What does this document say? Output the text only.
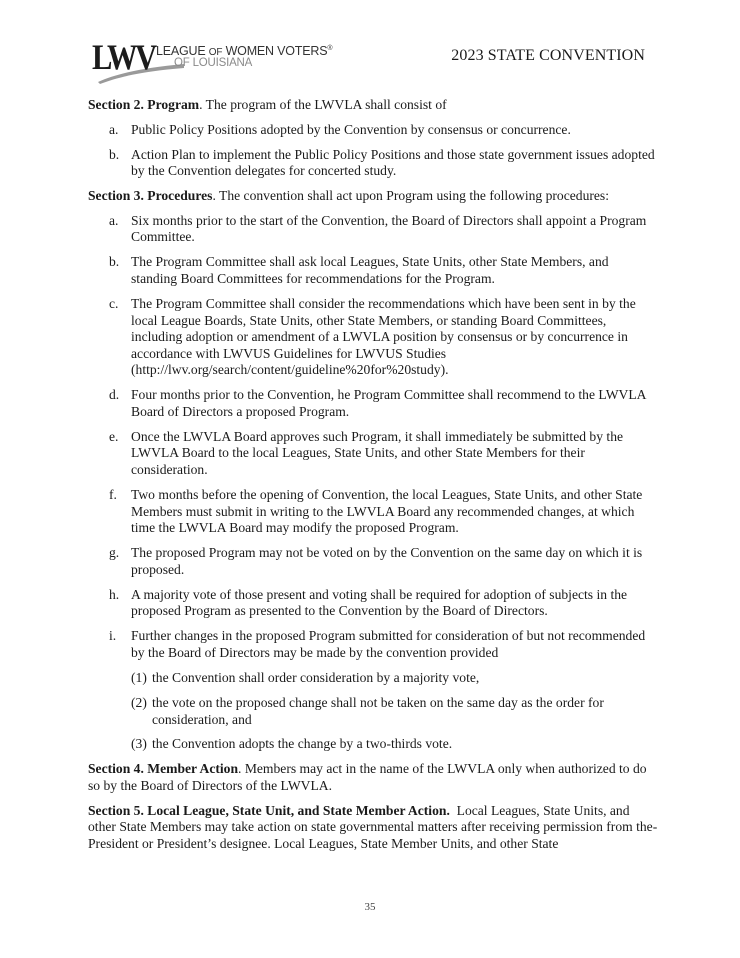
LWV LEAGUE OF WOMEN VOTERS®
OF LOUISIANA	2023 STATE CONVENTION

Section 2. Program. The program of the LWVLA shall consist of

a. Public Policy Positions adopted by the Convention by consensus or concurrence.
b. Action Plan to implement the Public Policy Positions and those state government issues adopted by the Convention delegates for concerted study.

Section 3. Procedures. The convention shall act upon Program using the following procedures:

a. Six months prior to the start of the Convention, the Board of Directors shall appoint a Program Committee.
b. The Program Committee shall ask local Leagues, State Units, other State Members, and standing Board Committees for recommendations for the Program.
c. The Program Committee shall consider the recommendations which have been sent in by the local League Boards, State Units, other State Members, or standing Board Committees, including adoption or amendment of a LWVLA position by consensus or by concurrence in accordance with LWVUS Guidelines for LWVUS Studies (http://lwv.org/search/content/guideline%20for%20study).
d. Four months prior to the Convention, he Program Committee shall recommend to the LWVLA Board of Directors a proposed Program.
e. Once the LWVLA Board approves such Program, it shall immediately be submitted by the LWVLA Board to the local Leagues, State Units, and other State Members for their consideration.
f. Two months before the opening of Convention, the local Leagues, State Units, and other State Members must submit in writing to the LWVLA Board any recommended changes, at which time the LWVLA Board may modify the proposed Program.
g. The proposed Program may not be voted on by the Convention on the same day on which it is proposed.
h. A majority vote of those present and voting shall be required for adoption of subjects in the proposed Program as presented to the Convention by the Board of Directors.
i. Further changes in the proposed Program submitted for consideration of but not recommended by the Board of Directors may be made by the convention provided
(1) the Convention shall order consideration by a majority vote,
(2) the vote on the proposed change shall not be taken on the same day as the order for consideration, and
(3) the Convention adopts the change by a two-thirds vote.

Section 4. Member Action. Members may act in the name of the LWVLA only when authorized to do so by the Board of Directors of the LWVLA.

Section 5. Local League, State Unit, and State Member Action.  Local Leagues, State Units, and other State Members may take action on state governmental matters after receiving permission from the-President or President’s designee. Local Leagues, State Member Units, and other State

35
